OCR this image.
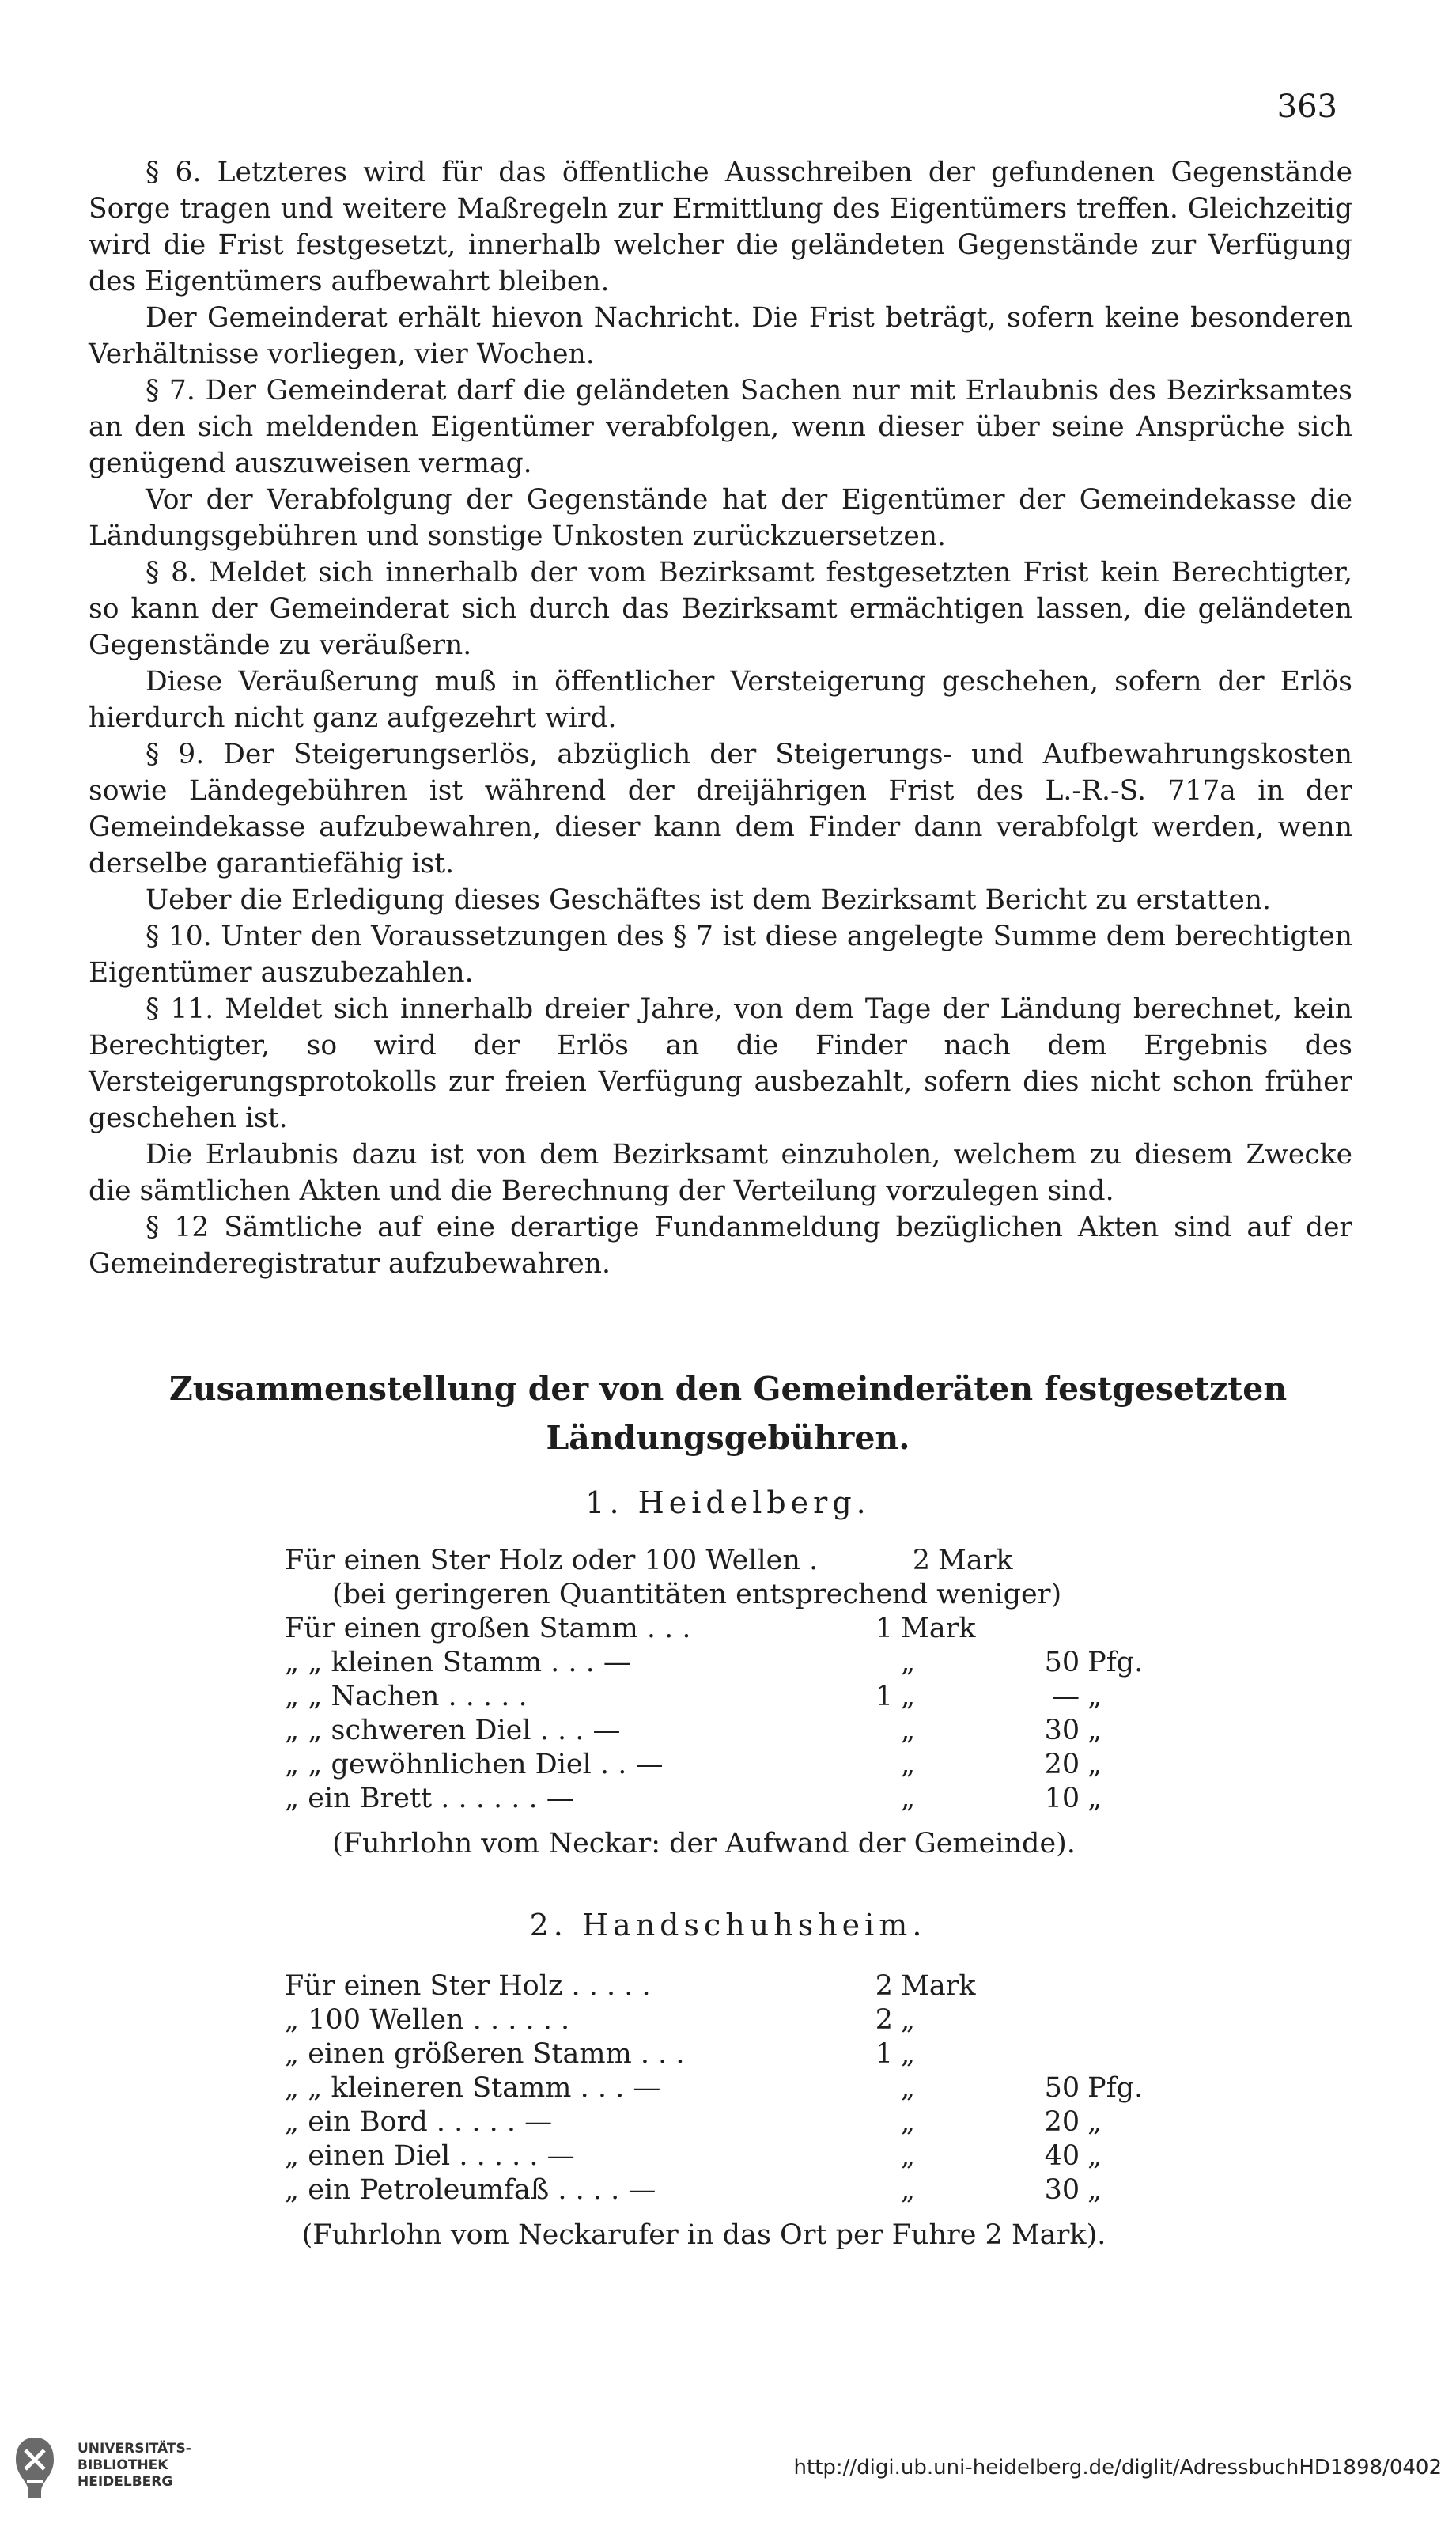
363

§ 6. Letzteres wird für das öffentliche Ausschreiben der gefundenen Gegenstände Sorge tragen und weitere Maßregeln zur Ermittlung des Eigentümers treffen. Gleichzeitig wird die Frist festgesetzt, innerhalb welcher die geländeten Gegenstände zur Verfügung des Eigentümers aufbewahrt bleiben.

Der Gemeinderat erhält hievon Nachricht. Die Frist beträgt, sofern keine besonderen Verhältnisse vorliegen, vier Wochen.

§ 7. Der Gemeinderat darf die geländeten Sachen nur mit Erlaubnis des Bezirksamtes an den sich meldenden Eigentümer verabfolgen, wenn dieser über seine Ansprüche sich genügend auszuweisen vermag.

Vor der Verabfolgung der Gegenstände hat der Eigentümer der Gemeindekasse die Ländungsgebühren und sonstige Unkosten zurückzuersetzen.

§ 8. Meldet sich innerhalb der vom Bezirksamt festgesetzten Frist kein Berechtigter, so kann der Gemeinderat sich durch das Bezirksamt ermächtigen lassen, die geländeten Gegenstände zu veräußern.

Diese Veräußerung muß in öffentlicher Versteigerung geschehen, sofern der Erlös hierdurch nicht ganz aufgezehrt wird.

§ 9. Der Steigerungserlös, abzüglich der Steigerungs- und Aufbewahrungskosten sowie Ländegebühren ist während der dreijährigen Frist des L.-R.-S. 717a in der Gemeindekasse aufzubewahren, dieser kann dem Finder dann verabfolgt werden, wenn derselbe garantiefähig ist.

Ueber die Erledigung dieses Geschäftes ist dem Bezirksamt Bericht zu erstatten.

§ 10. Unter den Voraussetzungen des § 7 ist diese angelegte Summe dem berechtigten Eigentümer auszubezahlen.

§ 11. Meldet sich innerhalb dreier Jahre, von dem Tage der Ländung berechnet, kein Berechtigter, so wird der Erlös an die Finder nach dem Ergebnis des Versteigerungsprotokolls zur freien Verfügung ausbezahlt, sofern dies nicht schon früher geschehen ist.

Die Erlaubnis dazu ist von dem Bezirksamt einzuholen, welchem zu diesem Zwecke die sämtlichen Akten und die Berechnung der Verteilung vorzulegen sind.

§ 12 Sämtliche auf eine derartige Fundanmeldung bezüglichen Akten sind auf der Gemeinderegistratur aufzubewahren.

Zusammenstellung der von den Gemeinderäten festgesetzten
Ländungsgebühren.
1. Heidelberg.
Für einen Ster Holz oder 100 Wellen .	2 Mark
(bei geringeren Quantitäten entsprechend weniger)
Für einen großen Stamm . . .	1 Mark
„ „ kleinen Stamm . . . —	„	50 Pfg.
„ „ Nachen . . . . .	1 „	— „
„ „ schweren Diel . . . —	„	30 „
„ „ gewöhnlichen Diel . . —	„	20 „
„ ein Brett . . . . . . —	„	10 „
(Fuhrlohn vom Neckar: der Aufwand der Gemeinde).
2. Handschuhsheim.
Für einen Ster Holz . . . . .	2 Mark
„ 100 Wellen . . . . . .	2 „
„ einen größeren Stamm . . .	1 „
„ „ kleineren Stamm . . . —	„	50 Pfg.
„ ein Bord . . . . . —	„	20 „
„ einen Diel . . . . . —	„	40 „
„ ein Petroleumfaß . . . . —	„	30 „
(Fuhrlohn vom Neckarufer in das Ort per Fuhre 2 Mark).
UNIVERSITÄTS-
BIBLIOTHEK
HEIDELBERG
http://digi.ub.uni-heidelberg.de/diglit/AdressbuchHD1898/0402
